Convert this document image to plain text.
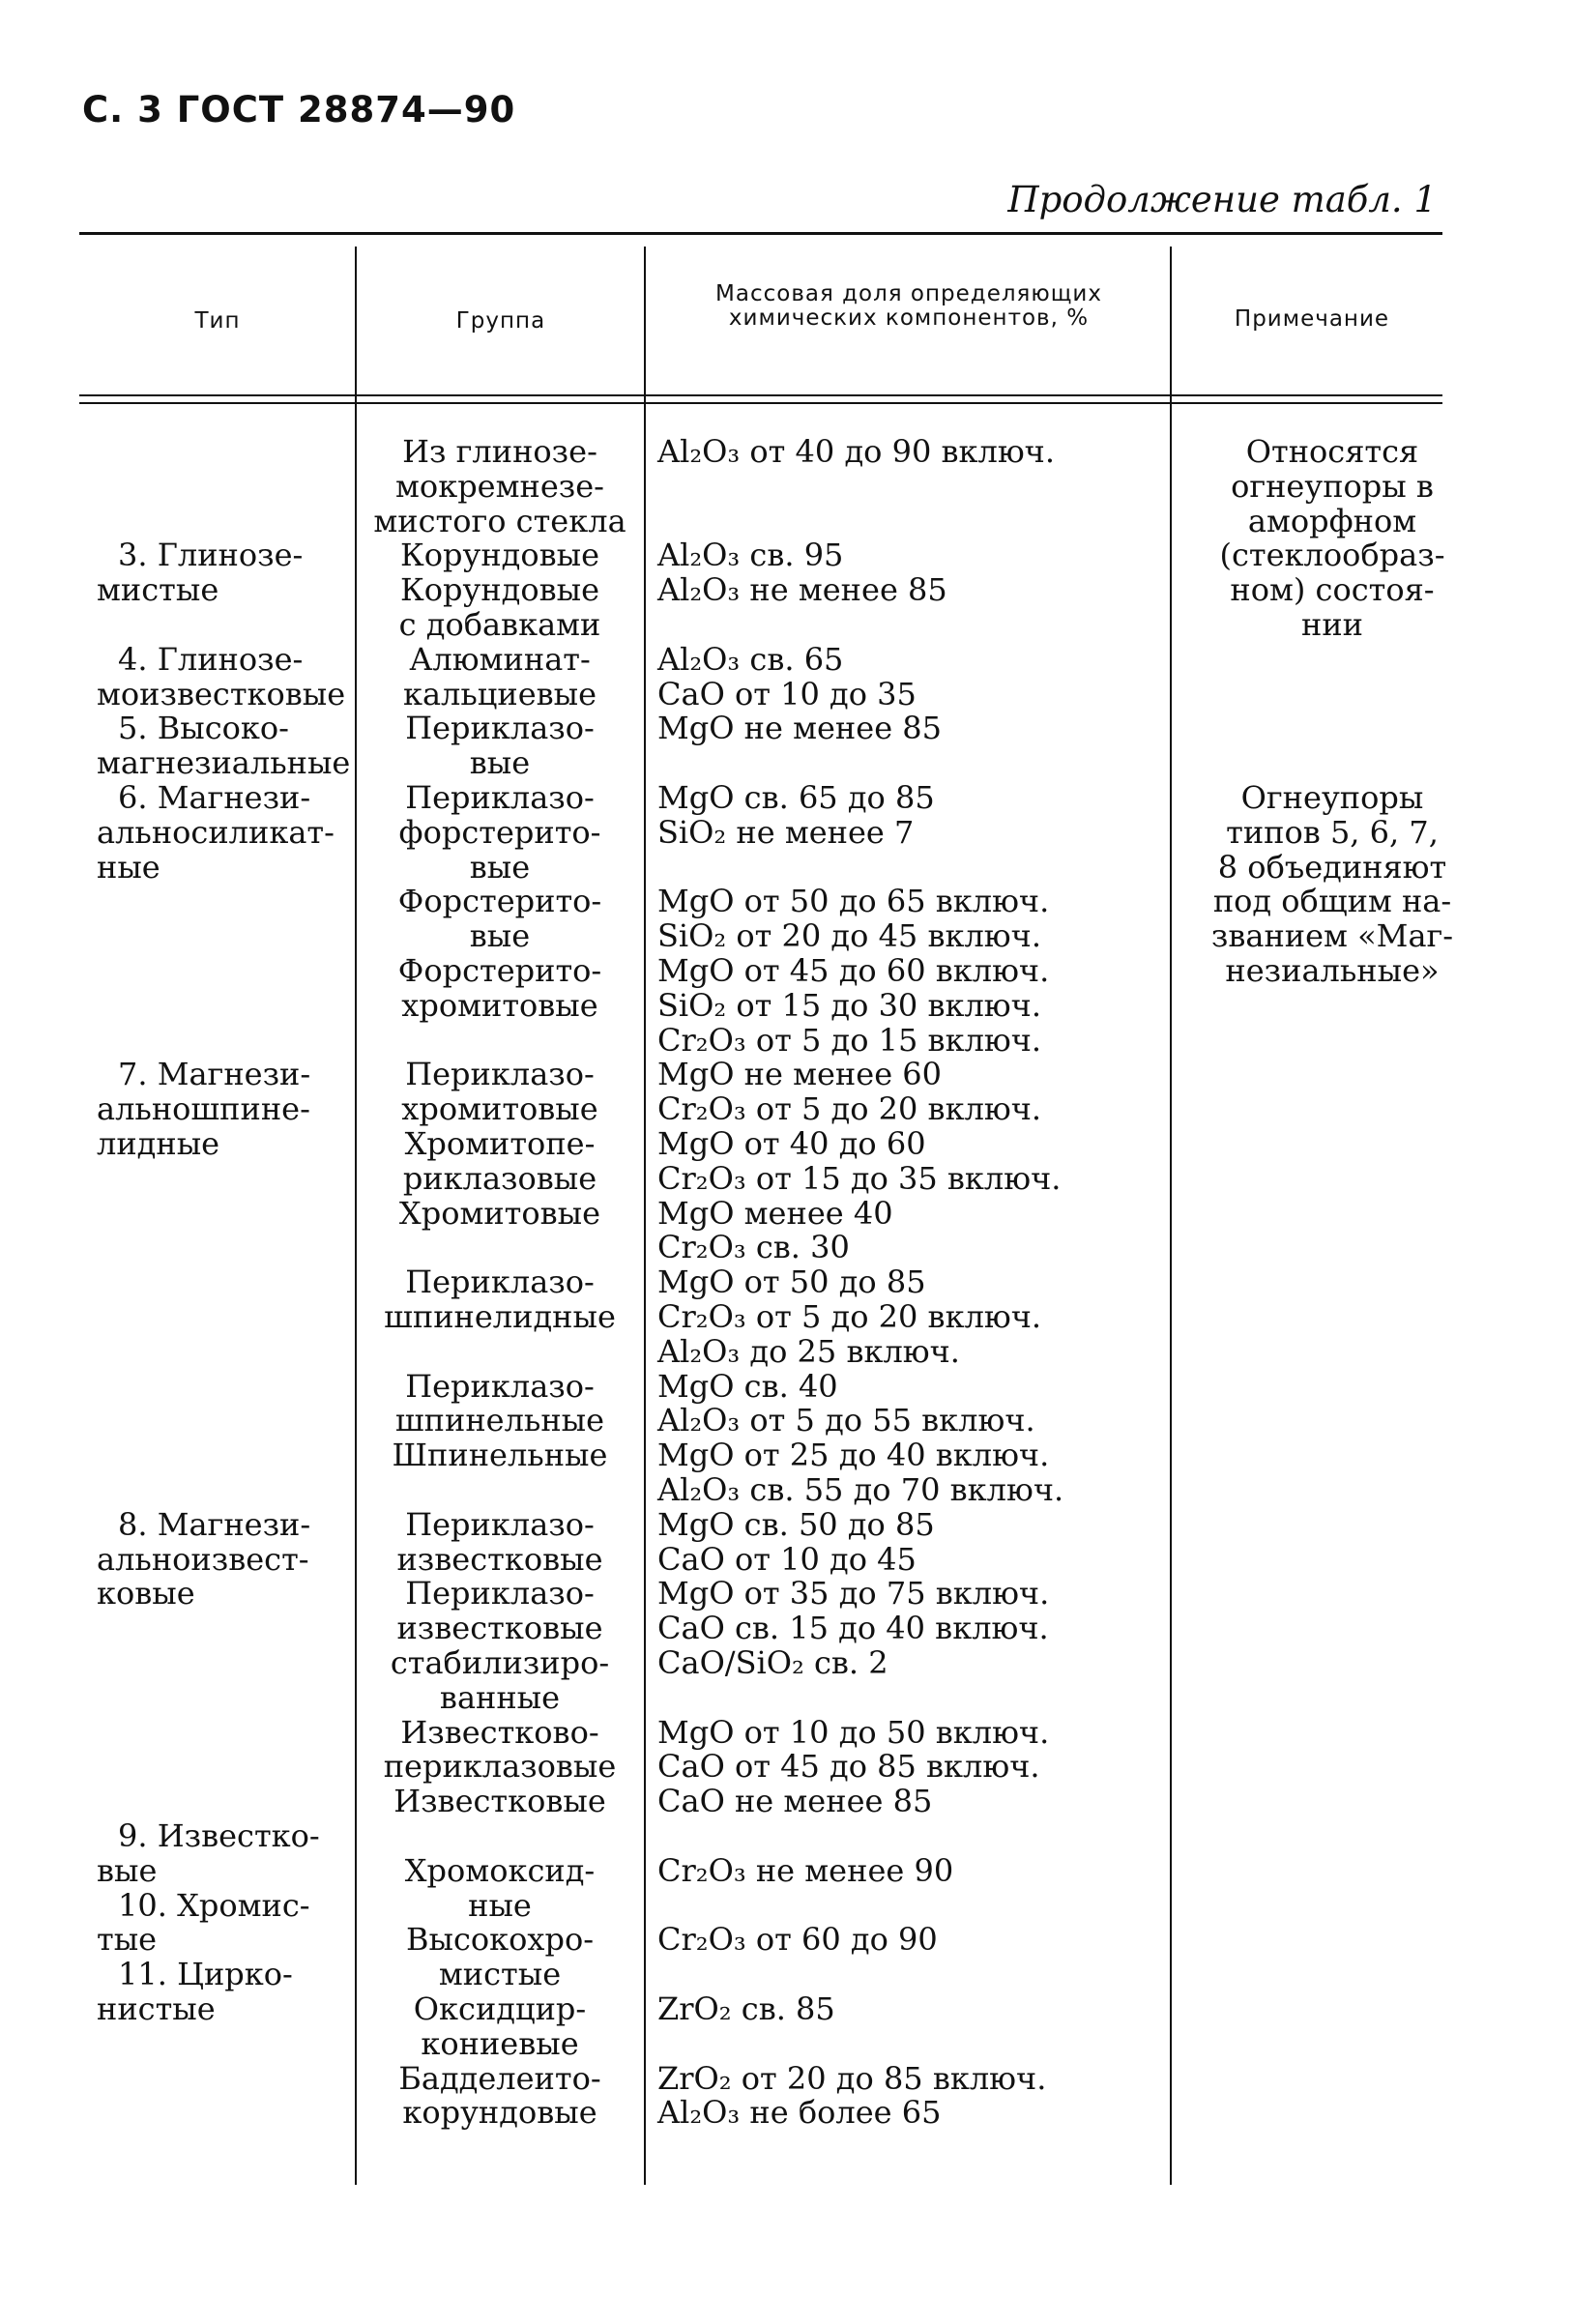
С. 3 ГОСТ 28874—90
Продолжение табл. 1
Тип	Группа
Массовая доля определяющих химических компонентов, %	Примечание
3. Глинозе-
мистые
4. Глинозе-
моизвестковые
5. Высоко-
магнезиальные
6. Магнези-
альносиликат-
ные
7. Магнези-
альношпине-
лидные
8. Магнези-
альноизвест-
ковые
9. Известко-
вые
10. Хромис-
тые
11. Цирко-
нистые
Из глинозе-
мокремнезе-
мистого стекла
Корундовые
Корундовые
с добавками
Алюминат-
кальциевые
Периклазо-
вые
Периклазо-
форстерито-
вые
Форстерито-
вые
Форстерито-
хромитовые
Периклазо-
хромитовые
Хромитопе-
риклазовые
Хромитовые
Периклазо-
шпинелидные
Периклазо-
шпинельные
Шпинельные
Периклазо-
известковые
Периклазо-
известковые
стабилизиро-
ванные
Известково-
периклазовые
Известковые
Хромоксид-
ные
Высокохро-
мистые
Оксидцир-
кониевые
Бадделеито-
корундовые
Al₂O₃ от 40 до 90 включ.
Al₂O₃ св. 95
Al₂O₃ не менее 85
Al₂O₃ св. 65
CaO от 10 до 35
MgO не менее 85
MgO св. 65 до 85
SiO₂ не менее 7
MgO от 50 до 65 включ.
SiO₂ от 20 до 45 включ.
MgO от 45 до 60 включ.
SiO₂ от 15 до 30 включ.
Cr₂O₃ от 5 до 15 включ.
MgO не менее 60
Cr₂O₃ от 5 до 20 включ.
MgO от 40 до 60
Cr₂O₃ от 15 до 35 включ.
MgO менее 40
Cr₂O₃ св. 30
MgO от 50 до 85
Cr₂O₃ от 5 до 20 включ.
Al₂O₃ до 25 включ.
MgO св. 40
Al₂O₃ от 5 до 55 включ.
MgO от 25 до 40 включ.
Al₂O₃ св. 55 до 70 включ.
MgO св. 50 до 85
CaO от 10 до 45
MgO от 35 до 75 включ.
CaO св. 15 до 40 включ.
CaO/SiO₂ св. 2
MgO от 10 до 50 включ.
CaO от 45 до 85 включ.
CaO не менее 85
Cr₂O₃ не менее 90
Cr₂O₃ от 60 до 90
ZrO₂ св. 85
ZrO₂ от 20 до 85 включ.
Al₂O₃ не более 65
Относятся
огнеупоры в
аморфном
(стеклообраз-
ном) состоя-
нии
Огнеупоры
типов 5, 6, 7,
8 объединяют
под общим на-
званием «Маг-
незиальные»
